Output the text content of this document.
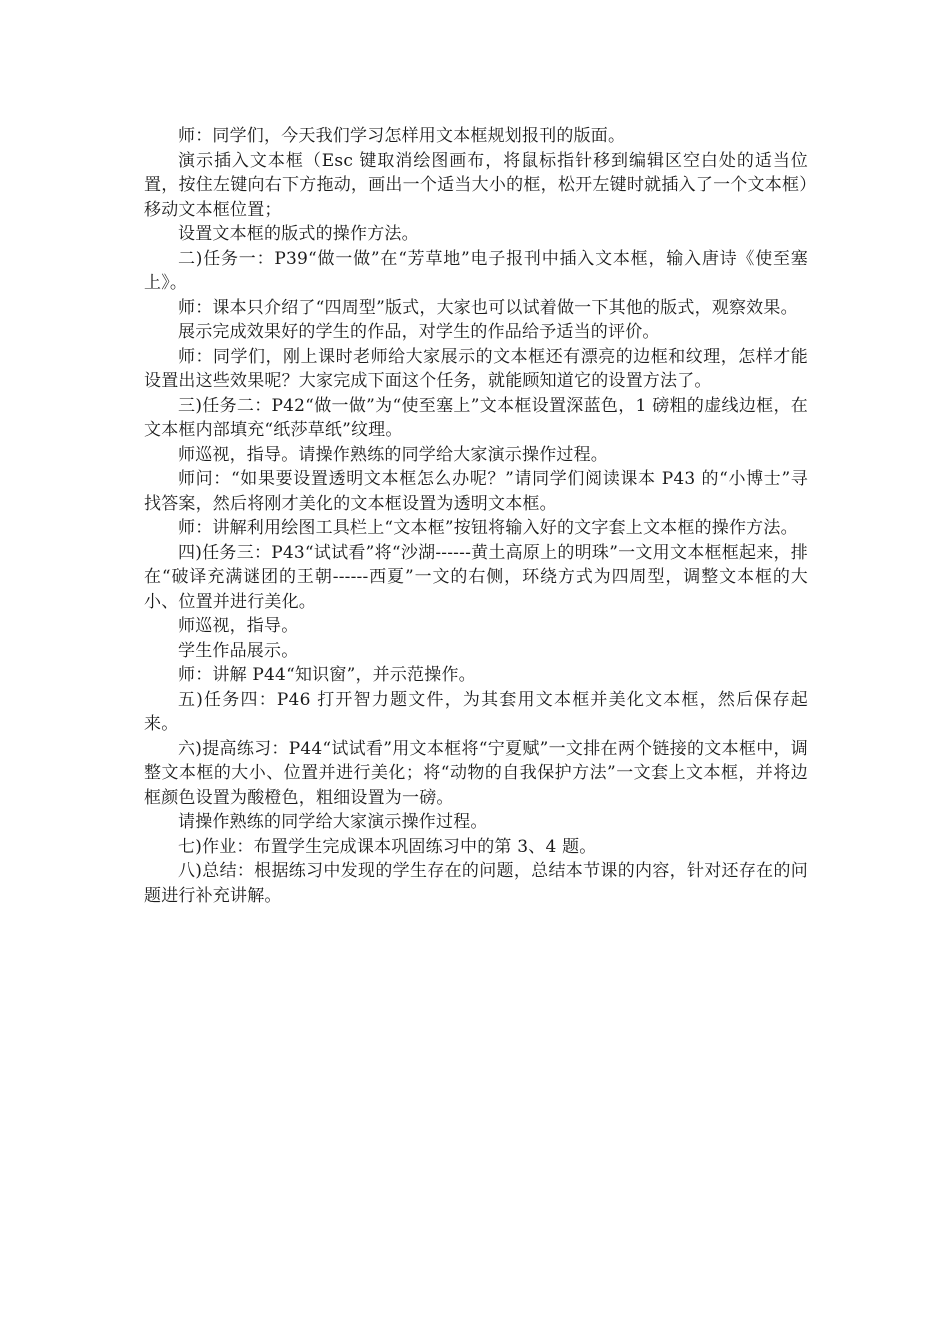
师：同学们，今天我们学习怎样用文本框规划报刊的版面。

演示插入文本框（Esc 键取消绘图画布，将鼠标指针移到编辑区空白处的适当位置，按住左键向右下方拖动，画出一个适当大小的框，松开左键时就插入了一个文本框）移动文本框位置；

设置文本框的版式的操作方法。

二)任务一：P39“做一做”在“芳草地”电子报刊中插入文本框，输入唐诗《使至塞上》。

师：课本只介绍了“四周型”版式，大家也可以试着做一下其他的版式，观察效果。

展示完成效果好的学生的作品，对学生的作品给予适当的评价。

师：同学们，刚上课时老师给大家展示的文本框还有漂亮的边框和纹理，怎样才能设置出这些效果呢？大家完成下面这个任务，就能顾知道它的设置方法了。

三)任务二：P42“做一做”为“使至塞上”文本框设置深蓝色，1 磅粗的虚线边框，在文本框内部填充“纸莎草纸”纹理。

师巡视，指导。请操作熟练的同学给大家演示操作过程。

师问：“如果要设置透明文本框怎么办呢？”请同学们阅读课本 P43 的“小博士”寻找答案，然后将刚才美化的文本框设置为透明文本框。

师：讲解利用绘图工具栏上“文本框”按钮将输入好的文字套上文本框的操作方法。

四)任务三：P43“试试看”将“沙湖------黄土高原上的明珠”一文用文本框框起来，排在“破译充满谜团的王朝------西夏”一文的右侧，环绕方式为四周型，调整文本框的大小、位置并进行美化。

师巡视，指导。

学生作品展示。

师：讲解 P44“知识窗”，并示范操作。

五)任务四：P46 打开智力题文件，为其套用文本框并美化文本框，然后保存起来。

六)提高练习：P44“试试看”用文本框将“宁夏赋”一文排在两个链接的文本框中，调整文本框的大小、位置并进行美化；将“动物的自我保护方法”一文套上文本框，并将边框颜色设置为酸橙色，粗细设置为一磅。

请操作熟练的同学给大家演示操作过程。

七)作业：布置学生完成课本巩固练习中的第 3、4 题。

八)总结：根据练习中发现的学生存在的问题，总结本节课的内容，针对还存在的问题进行补充讲解。
